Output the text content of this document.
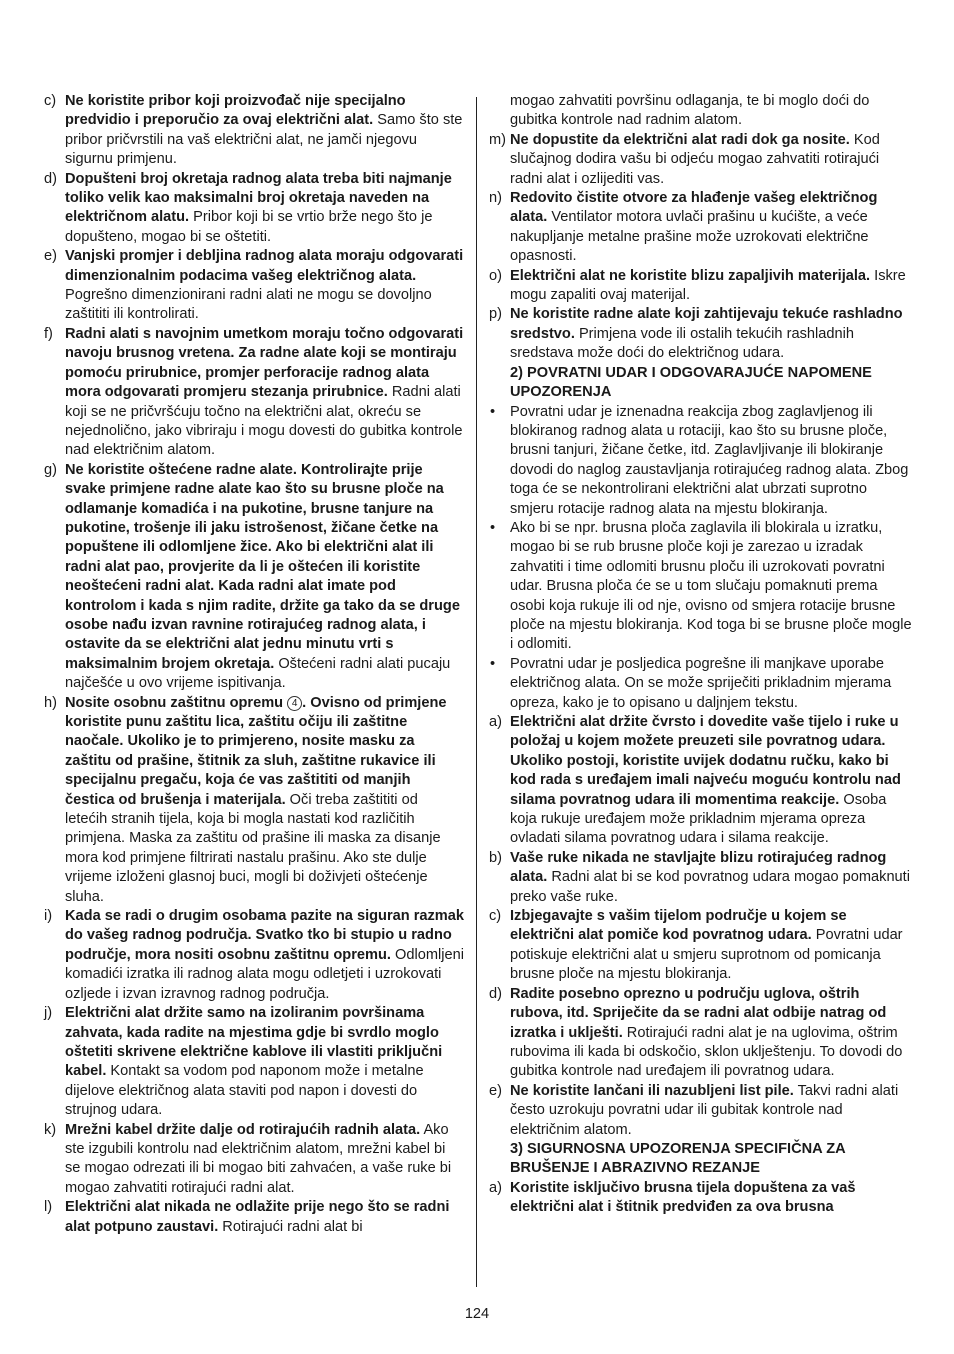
c) Ne koristite pribor koji proizvođač nije specijalno predvidio i preporučio za ovaj električni alat. Samo što ste pribor pričvrstili na vaš električni alat, ne jamči njegovu sigurnu primjenu.
d) Dopušteni broj okretaja radnog alata treba biti najmanje toliko velik kao maksimalni broj okretaja naveden na električnom alatu. Pribor koji bi se vrtio brže nego što je dopušteno, mogao bi se oštetiti.
e) Vanjski promjer i debljina radnog alata moraju odgovarati dimenzionalnim podacima vašeg električnog alata. Pogrešno dimenzionirani radni alati ne mogu se dovoljno zaštititi ili kontrolirati.
f) Radni alati s navojnim umetkom moraju točno odgovarati navoju brusnog vretena. Za radne alate koji se montiraju pomoću prirubnice, promjer perforacije radnog alata mora odgovarati promjeru stezanja prirubnice. Radni alati koji se ne pričvršćuju točno na električni alat, okreću se nejednolično, jako vibriraju i mogu dovesti do gubitka kontrole nad električnim alatom.
g) Ne koristite oštećene radne alate. Kontrolirajte prije svake primjene radne alate kao što su brusne ploče na odlamanje komadića i na pukotine, brusne tanjure na pukotine, trošenje ili jaku istrošenost, žičane četke na popuštene ili odlomljene žice. Ako bi električni alat ili radni alat pao, provjerite da li je oštećen ili koristite neoštećeni radni alat. Kada radni alat imate pod kontrolom i kada s njim radite, držite ga tako da se druge osobe nađu izvan ravnine rotirajućeg radnog alata, i ostavite da se električni alat jednu minutu vrti s maksimalnim brojem okretaja. Oštećeni radni alati pucaju najčešće u ovo vrijeme ispitivanja.
h) Nosite osobnu zaštitnu opremu 4 . Ovisno od primjene koristite punu zaštitu lica, zaštitu očiju ili zaštitne naočale. Ukoliko je to primjereno, nosite masku za zaštitu od prašine, štitnik za sluh, zaštitne rukavice ili specijalnu pregaču, koja će vas zaštititi od manjih čestica od brušenja i materijala. Oči treba zaštititi od letećih stranih tijela, koja bi mogla nastati kod različitih primjena. Maska za zaštitu od prašine ili maska za disanje mora kod primjene filtrirati nastalu prašinu. Ako ste dulje vrijeme izloženi glasnoj buci, mogli bi doživjeti oštećenje sluha.
i) Kada se radi o drugim osobama pazite na siguran razmak do vašeg radnog područja. Svatko tko bi stupio u radno područje, mora nositi osobnu zaštitnu opremu. Odlomljeni komadići izratka ili radnog alata mogu odletjeti i uzrokovati ozljede i izvan izravnog radnog područja.
j) Električni alat držite samo na izoliranim površinama zahvata, kada radite na mjestima gdje bi svrdlo moglo oštetiti skrivene električne kablove ili vlastiti priključni kabel. Kontakt sa vodom pod naponom može i metalne dijelove električnog alata staviti pod napon i dovesti do strujnog udara.
k) Mrežni kabel držite dalje od rotirajućih radnih alata. Ako ste izgubili kontrolu nad električnim alatom, mrežni kabel bi se mogao odrezati ili bi mogao biti zahvaćen, a vaše ruke bi mogao zahvatiti rotirajući radni alat.
l) Električni alat nikada ne odlažite prije nego što se radni alat potpuno zaustavi. Rotirajući radni alat bi
mogao zahvatiti površinu odlaganja, te bi moglo doći do gubitka kontrole nad radnim alatom.
m) Ne dopustite da električni alat radi dok ga nosite. Kod slučajnog dodira vašu bi odjeću mogao zahvatiti rotirajući radni alat i ozlijediti vas.
n) Redovito čistite otvore za hlađenje vašeg električnog alata. Ventilator motora uvlači prašinu u kućište, a veće nakupljanje metalne prašine može uzrokovati električne opasnosti.
o) Električni alat ne koristite blizu zapaljivih materijala. Iskre mogu zapaliti ovaj materijal.
p) Ne koristite radne alate koji zahtijevaju tekuće rashladno sredstvo. Primjena vode ili ostalih tekućih rashladnih sredstava može doći do električnog udara.
2) POVRATNI UDAR I ODGOVARAJUĆE NAPOMENE UPOZORENJA
• Povratni udar je iznenadna reakcija zbog zaglavljenog ili blokiranog radnog alata u rotaciji, kao što su brusne ploče, brusni tanjuri, žičane četke, itd. Zaglavljivanje ili blokiranje dovodi do naglog zaustavljanja rotirajućeg radnog alata. Zbog toga će se nekontrolirani električni alat ubrzati suprotno smjeru rotacije radnog alata na mjestu blokiranja.
• Ako bi se npr. brusna ploča zaglavila ili blokirala u izratku, mogao bi se rub brusne ploče koji je zarezao u izradak zahvatiti i time odlomiti brusnu ploču ili uzrokovati povratni udar. Brusna ploča će se u tom slučaju pomaknuti prema osobi koja rukuje ili od nje, ovisno od smjera rotacije brusne ploče na mjestu blokiranja. Kod toga bi se brusne ploče mogle i odlomiti.
• Povratni udar je posljedica pogrešne ili manjkave uporabe električnog alata. On se može spriječiti prikladnim mjerama opreza, kako je to opisano u daljnjem tekstu.
a) Električni alat držite čvrsto i dovedite vaše tijelo i ruke u položaj u kojem možete preuzeti sile povratnog udara. Ukoliko postoji, koristite uvijek dodatnu ručku, kako bi kod rada s uređajem imali najveću moguću kontrolu nad silama povratnog udara ili momentima reakcije. Osoba koja rukuje uređajem može prikladnim mjerama opreza ovladati silama povratnog udara i silama reakcije.
b) Vaše ruke nikada ne stavljajte blizu rotirajućeg radnog alata. Radni alat bi se kod povratnog udara mogao pomaknuti preko vaše ruke.
c) Izbjegavajte s vašim tijelom područje u kojem se električni alat pomiče kod povratnog udara. Povratni udar potiskuje električni alat u smjeru suprotnom od pomicanja brusne ploče na mjestu blokiranja.
d) Radite posebno oprezno u području uglova, oštrih rubova, itd. Spriječite da se radni alat odbije natrag od izratka i uklješti. Rotirajući radni alat je na uglovima, oštrim rubovima ili kada bi odskočio, sklon uklještenju. To dovodi do gubitka kontrole nad uređajem ili povratnog udara.
e) Ne koristite lančani ili nazubljeni list pile. Takvi radni alati često uzrokuju povratni udar ili gubitak kontrole nad električnim alatom.
3) SIGURNOSNA UPOZORENJA SPECIFIČNA ZA BRUŠENJE I ABRAZIVNO REZANJE
a) Koristite isključivo brusna tijela dopuštena za vaš električni alat i štitnik predviđen za ova brusna
124
